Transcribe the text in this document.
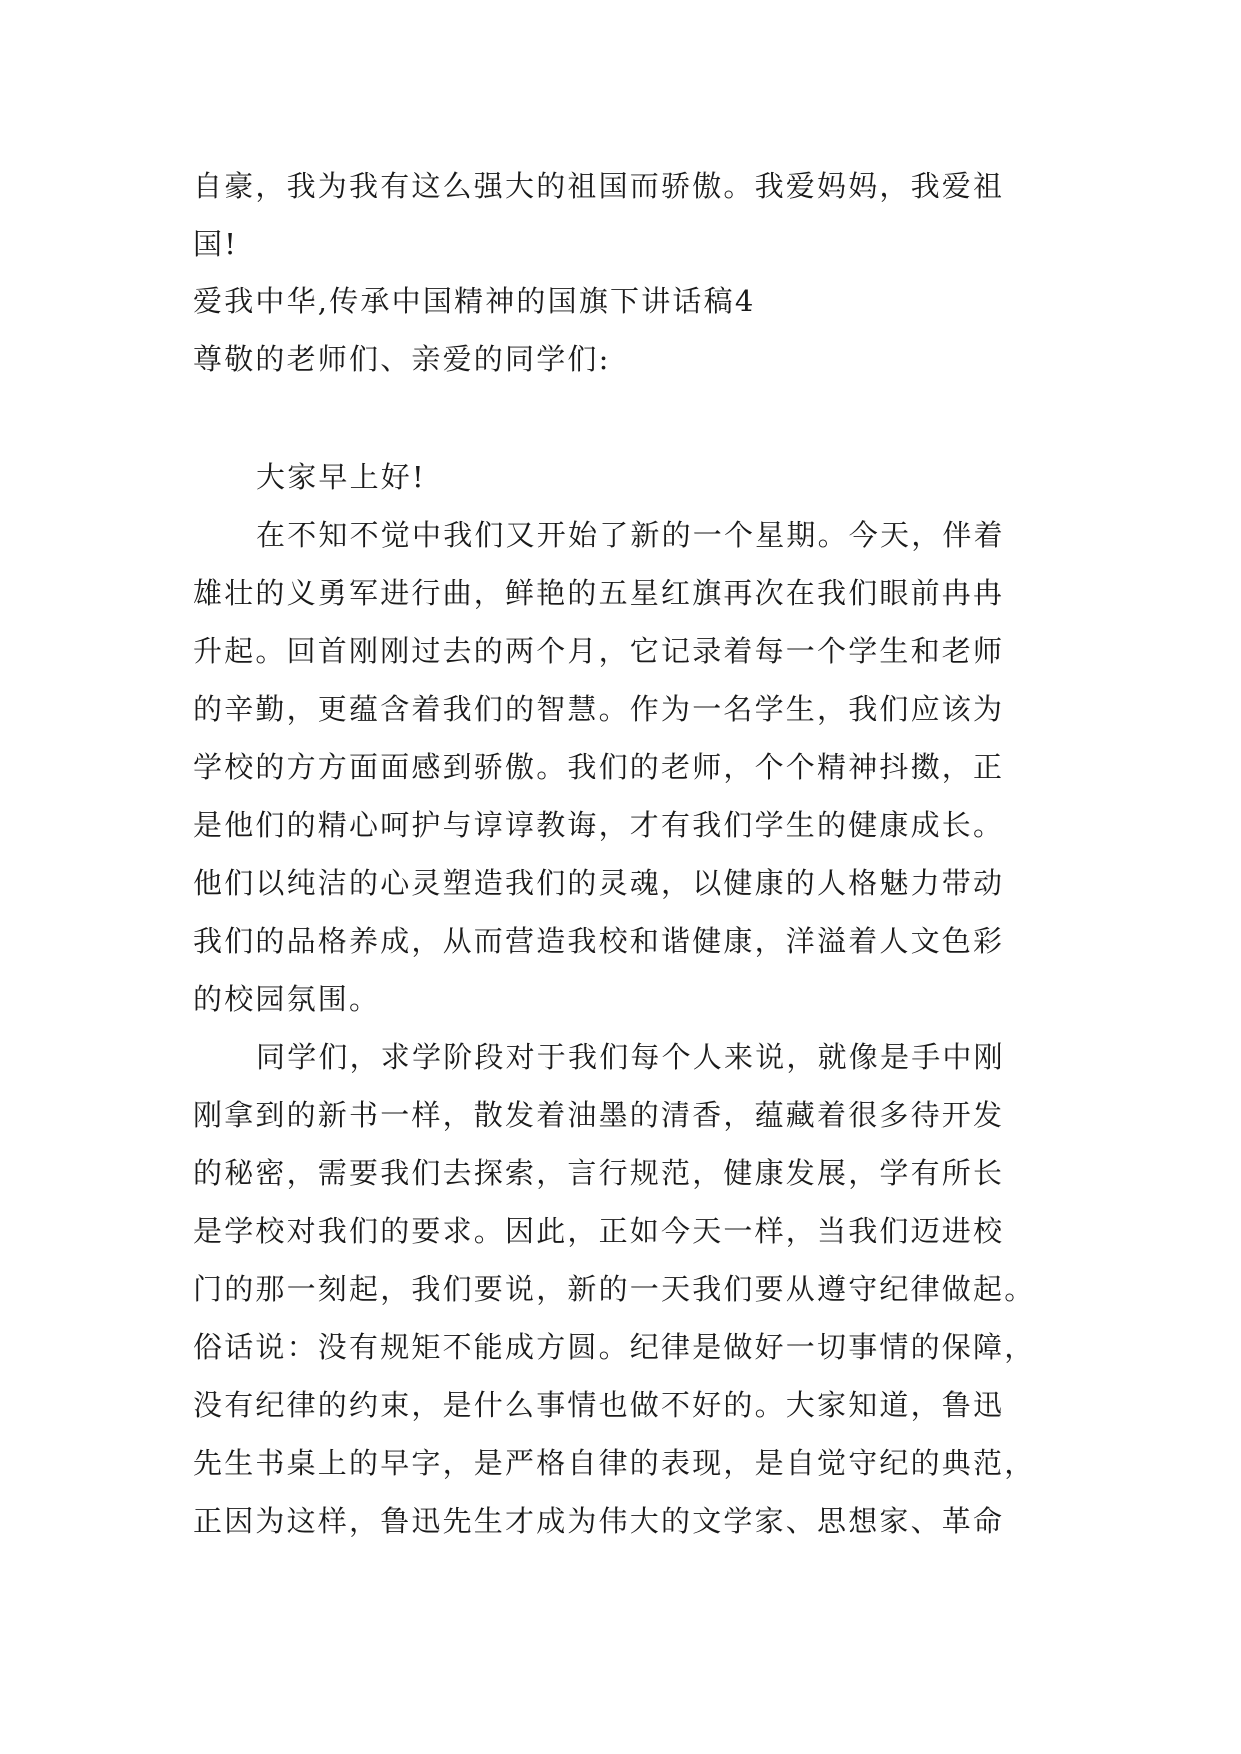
自豪，我为我有这么强大的祖国而骄傲。我爱妈妈，我爱祖
国!
爱我中华,传承中国精神的国旗下讲话稿4
尊敬的老师们、亲爱的同学们:
大家早上好!
在不知不觉中我们又开始了新的一个星期。今天，伴着
雄壮的义勇军进行曲，鲜艳的五星红旗再次在我们眼前冉冉
升起。回首刚刚过去的两个月，它记录着每一个学生和老师
的辛勤，更蕴含着我们的智慧。作为一名学生，我们应该为
学校的方方面面感到骄傲。我们的老师，个个精神抖擞，正
是他们的精心呵护与谆谆教诲，才有我们学生的健康成长。
他们以纯洁的心灵塑造我们的灵魂，以健康的人格魅力带动
我们的品格养成，从而营造我校和谐健康，洋溢着人文色彩
的校园氛围。
同学们，求学阶段对于我们每个人来说，就像是手中刚
刚拿到的新书一样，散发着油墨的清香，蕴藏着很多待开发
的秘密，需要我们去探索，言行规范，健康发展，学有所长
是学校对我们的要求。因此，正如今天一样，当我们迈进校
门的那一刻起，我们要说，新的一天我们要从遵守纪律做起。
俗话说：没有规矩不能成方圆。纪律是做好一切事情的保障，
没有纪律的约束，是什么事情也做不好的。大家知道，鲁迅
先生书桌上的早字，是严格自律的表现，是自觉守纪的典范，
正因为这样，鲁迅先生才成为伟大的文学家、思想家、革命
